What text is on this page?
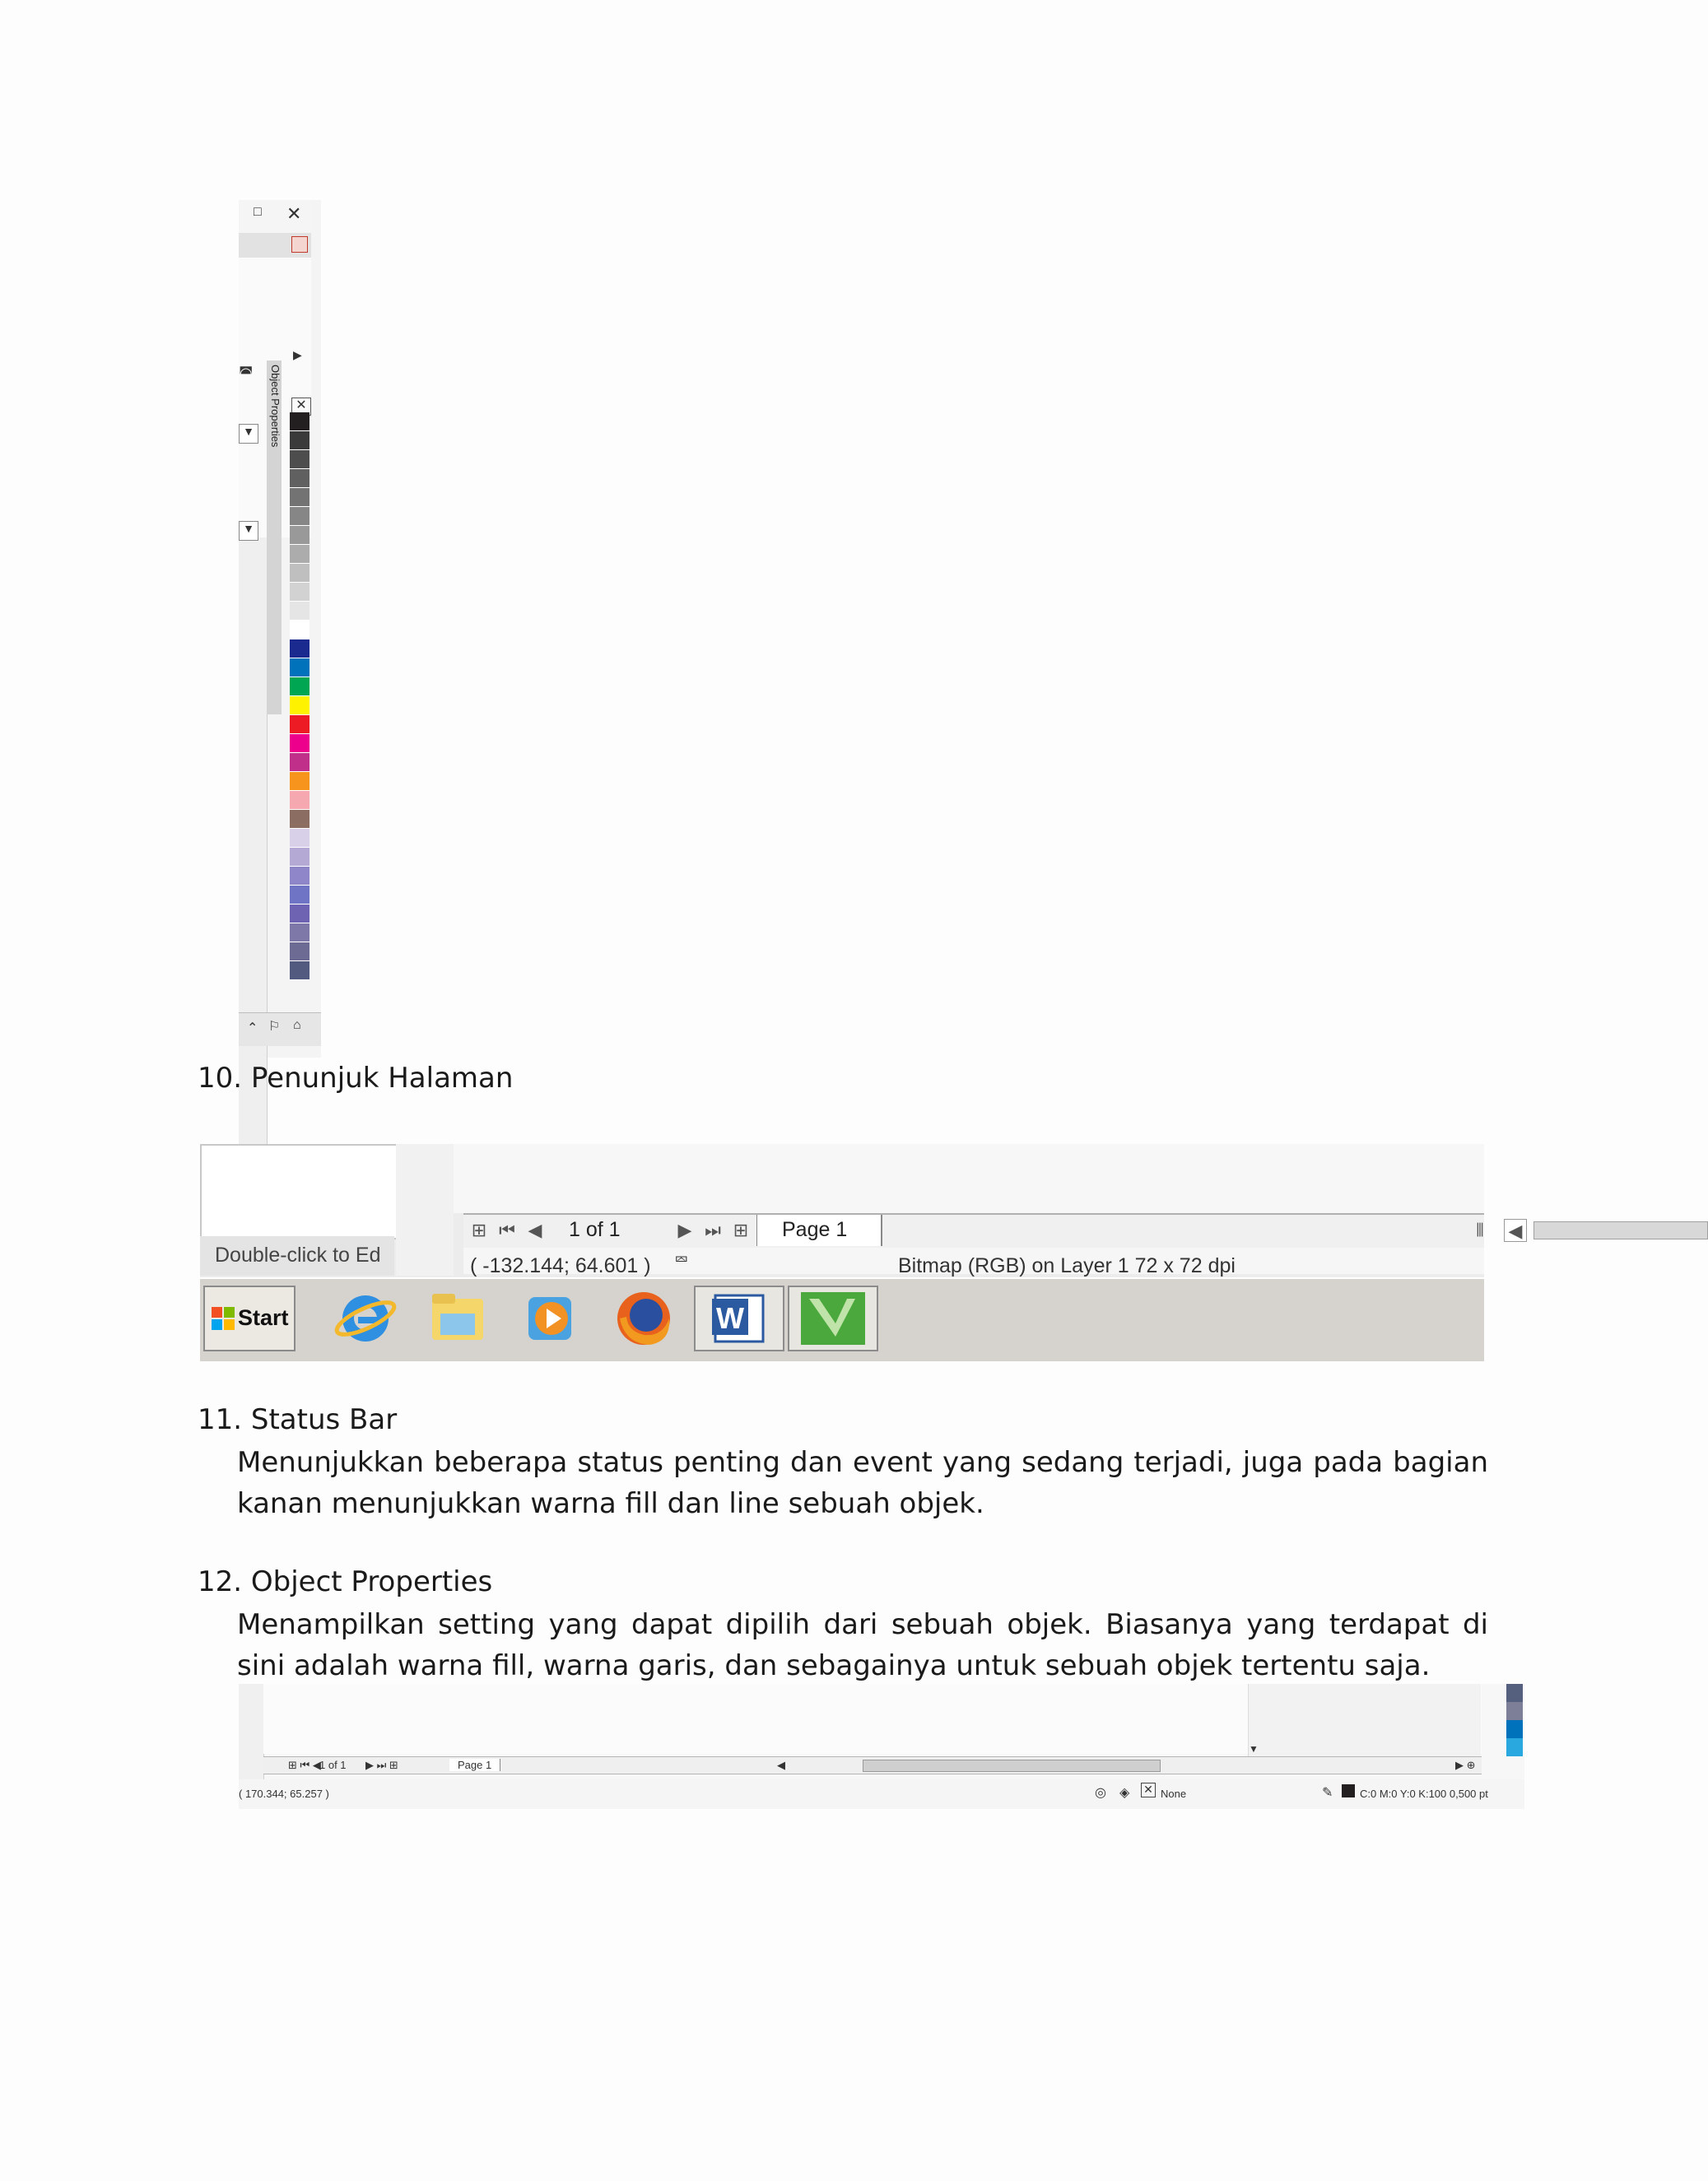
□ ✕
Object Properties
▶
✕
◚
▼
▼
⌃ ⚐ ⌂
10. Penunjuk Halaman
Double-click to Ed
⊞ ⏮ ◀ 1 of 1	▶ ⏭ ⊞ Page 1	⦀	◀
( -132.144; 64.601 ) ⮹	Bitmap (RGB) on Layer 1 72 x 72 dpi
Start	W
11. Status Bar
Menunjukkan beberapa status penting dan event yang sedang terjadi, juga pada bagian kanan menunjukkan warna fill dan line sebuah objek.
12. Object Properties
Menampilkan setting yang dapat dipilih dari sebuah objek. Biasanya yang terdapat di sini adalah warna fill, warna garis, dan sebagainya untuk sebuah objek tertentu saja.
▼
⊞ ⏮ ◀
1 of 1 ▶ ⏭ ⊞	Page 1	◀	▶ ⊕
( 170.344; 65.257 )	◎ ◈ ✕ None	✎	C:0 M:0 Y:0 K:100 0,500 pt
